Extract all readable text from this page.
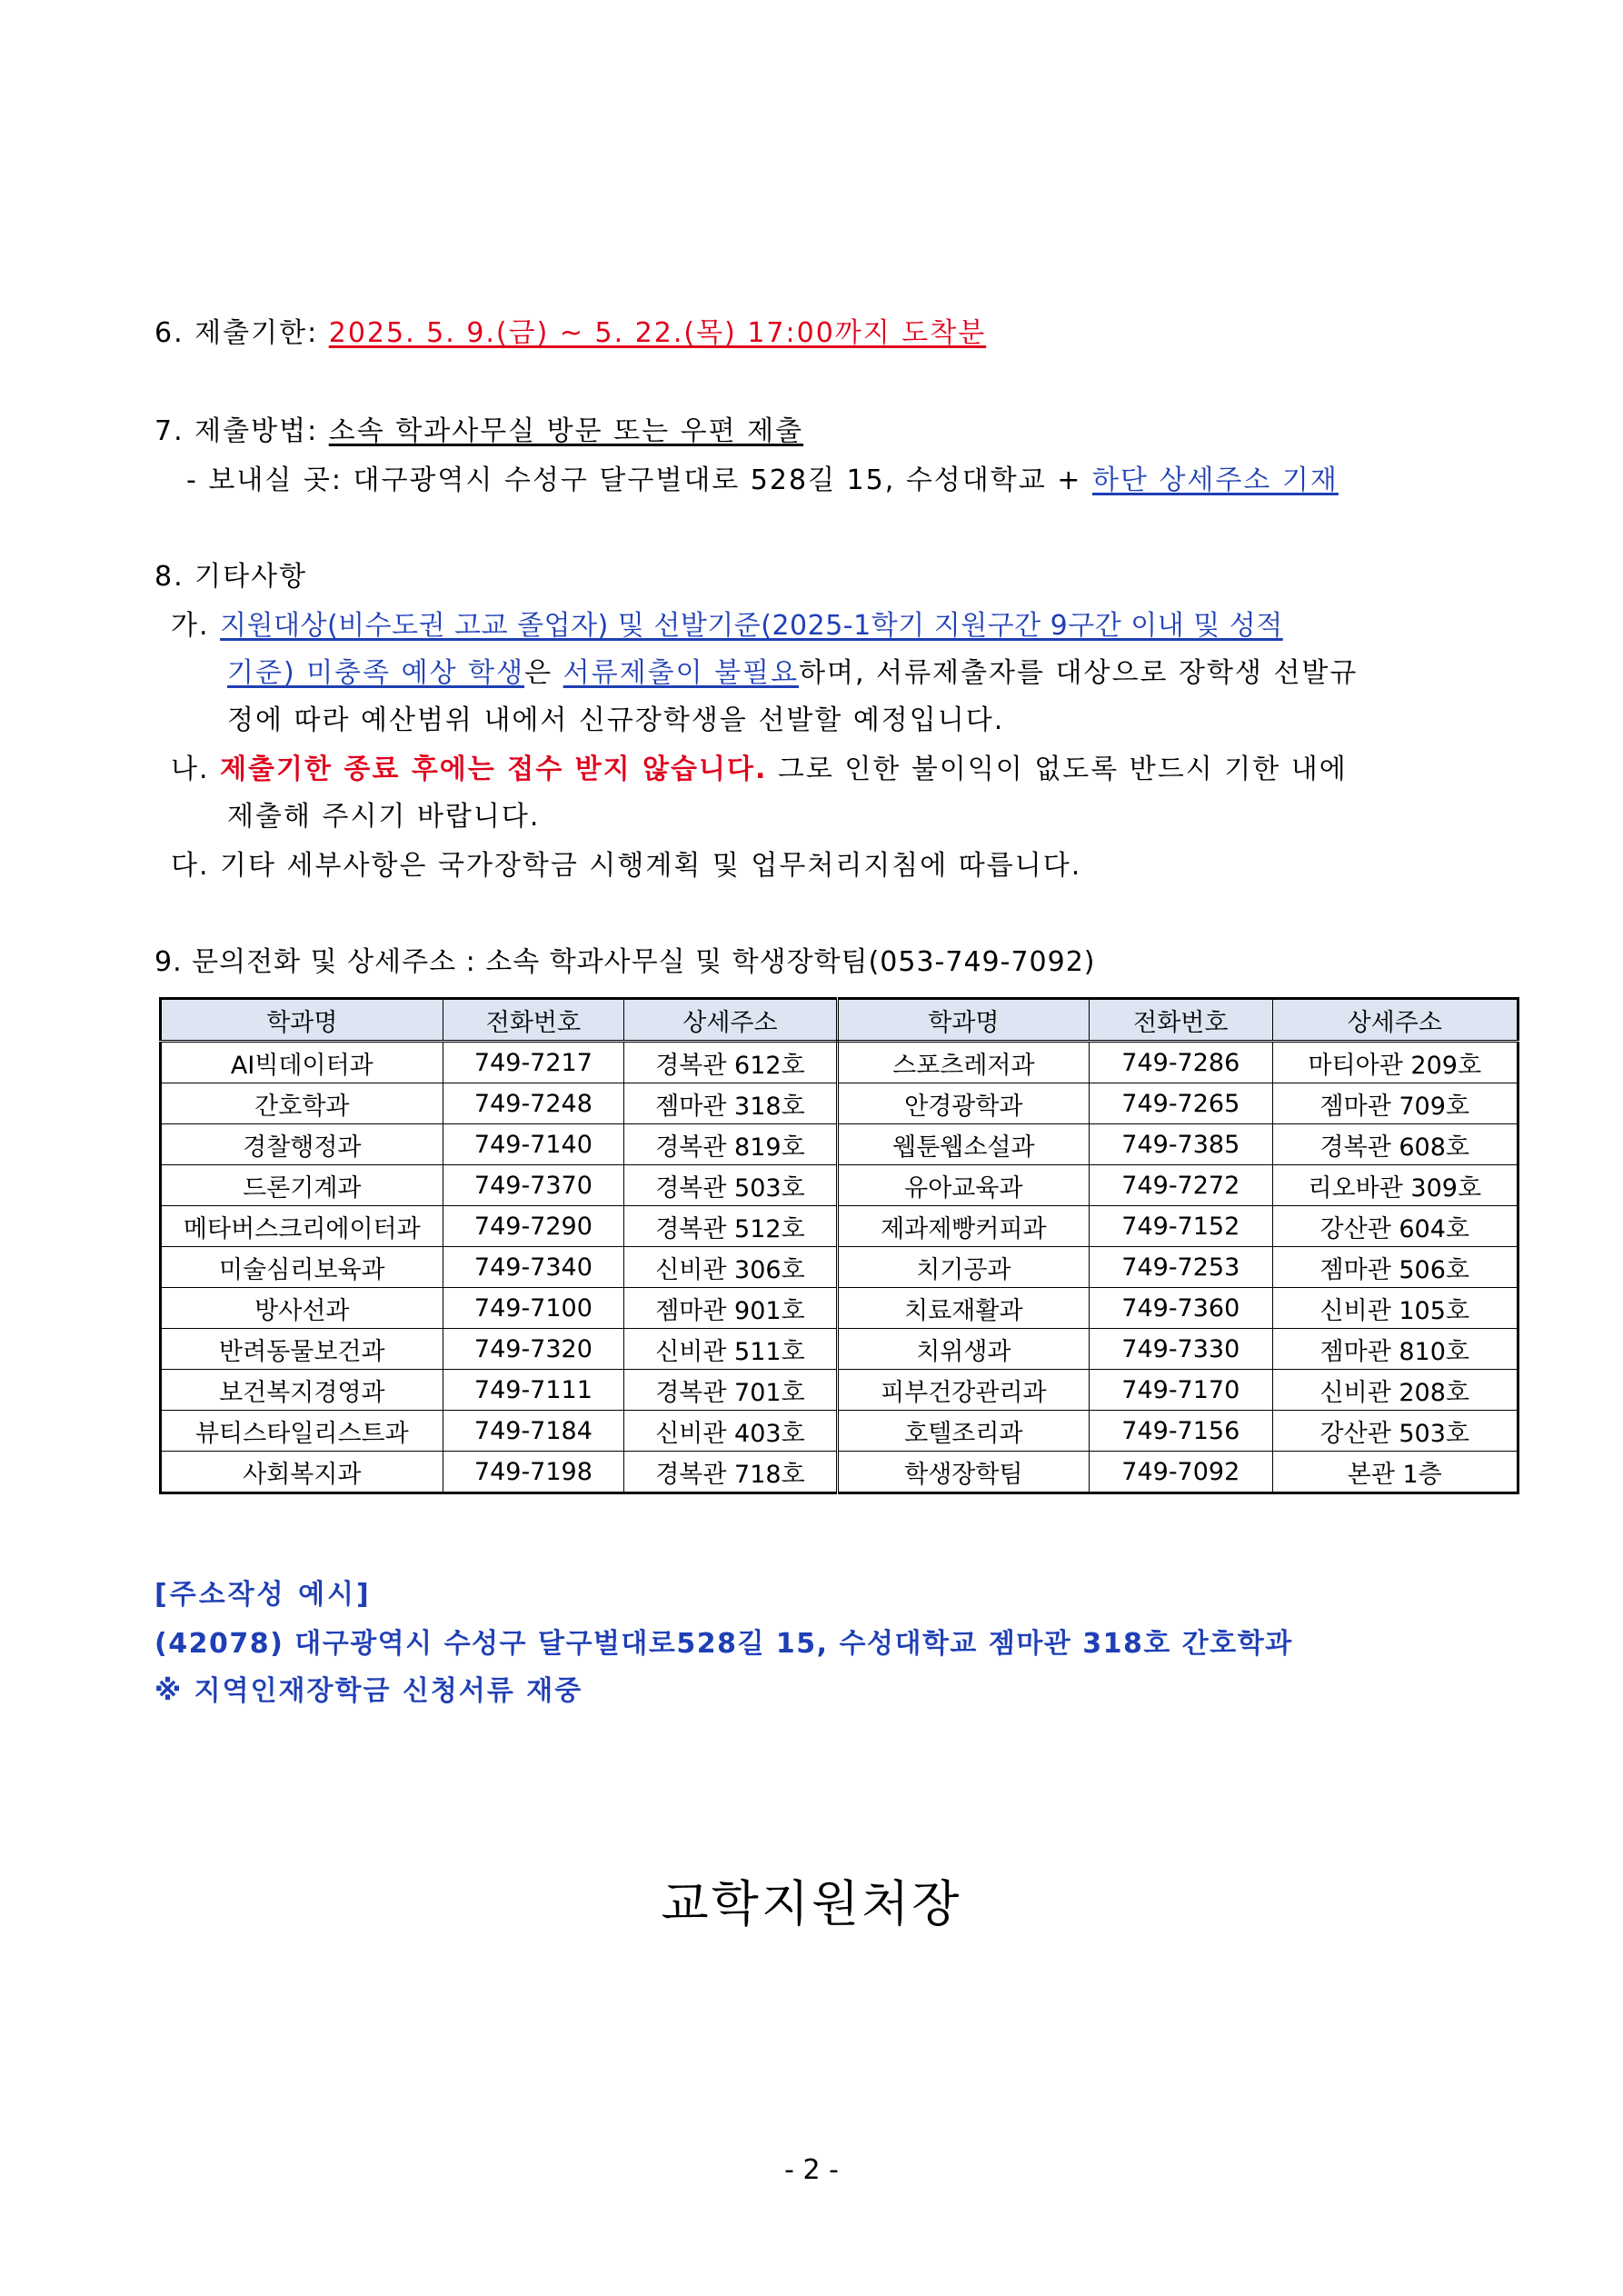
6. 제출기한: 2025. 5. 9.(금) ~ 5. 22.(목) 17:00까지 도착분
7. 제출방법: 소속 학과사무실 방문 또는 우편 제출
- 보내실 곳: 대구광역시 수성구 달구벌대로 528길 15, 수성대학교 + 하단 상세주소 기재
8. 기타사항
가. 지원대상(비수도권 고교 졸업자) 및 선발기준(2025-1학기 지원구간 9구간 이내 및 성적
기준) 미충족 예상 학생은 서류제출이 불필요하며, 서류제출자를 대상으로 장학생 선발규
정에 따라 예산범위 내에서 신규장학생을 선발할 예정입니다.
나. 제출기한 종료 후에는 접수 받지 않습니다. 그로 인한 불이익이 없도록 반드시 기한 내에
제출해 주시기 바랍니다.
다. 기타 세부사항은 국가장학금 시행계획 및 업무처리지침에 따릅니다.
9. 문의전화 및 상세주소 : 소속 학과사무실 및 학생장학팀(053-749-7092)
학과명	전화번호	상세주소	학과명	전화번호	상세주소
AI빅데이터과	749-7217	경복관 612호	스포츠레저과	749-7286	마티아관 209호
간호학과	749-7248	젬마관 318호	안경광학과	749-7265	젬마관 709호
경찰행정과	749-7140	경복관 819호	웹툰웹소설과	749-7385	경복관 608호
드론기계과	749-7370	경복관 503호	유아교육과	749-7272	리오바관 309호
메타버스크리에이터과	749-7290	경복관 512호	제과제빵커피과	749-7152	강산관 604호
미술심리보육과	749-7340	신비관 306호	치기공과	749-7253	젬마관 506호
방사선과	749-7100	젬마관 901호	치료재활과	749-7360	신비관 105호
반려동물보건과	749-7320	신비관 511호	치위생과	749-7330	젬마관 810호
보건복지경영과	749-7111	경복관 701호	피부건강관리과	749-7170	신비관 208호
뷰티스타일리스트과	749-7184	신비관 403호	호텔조리과	749-7156	강산관 503호
사회복지과	749-7198	경복관 718호	학생장학팀	749-7092	본관 1층
[주소작성 예시]
(42078) 대구광역시 수성구 달구벌대로528길 15, 수성대학교 젬마관 318호 간호학과
※ 지역인재장학금 신청서류 재중
교학지원처장
- 2 -
